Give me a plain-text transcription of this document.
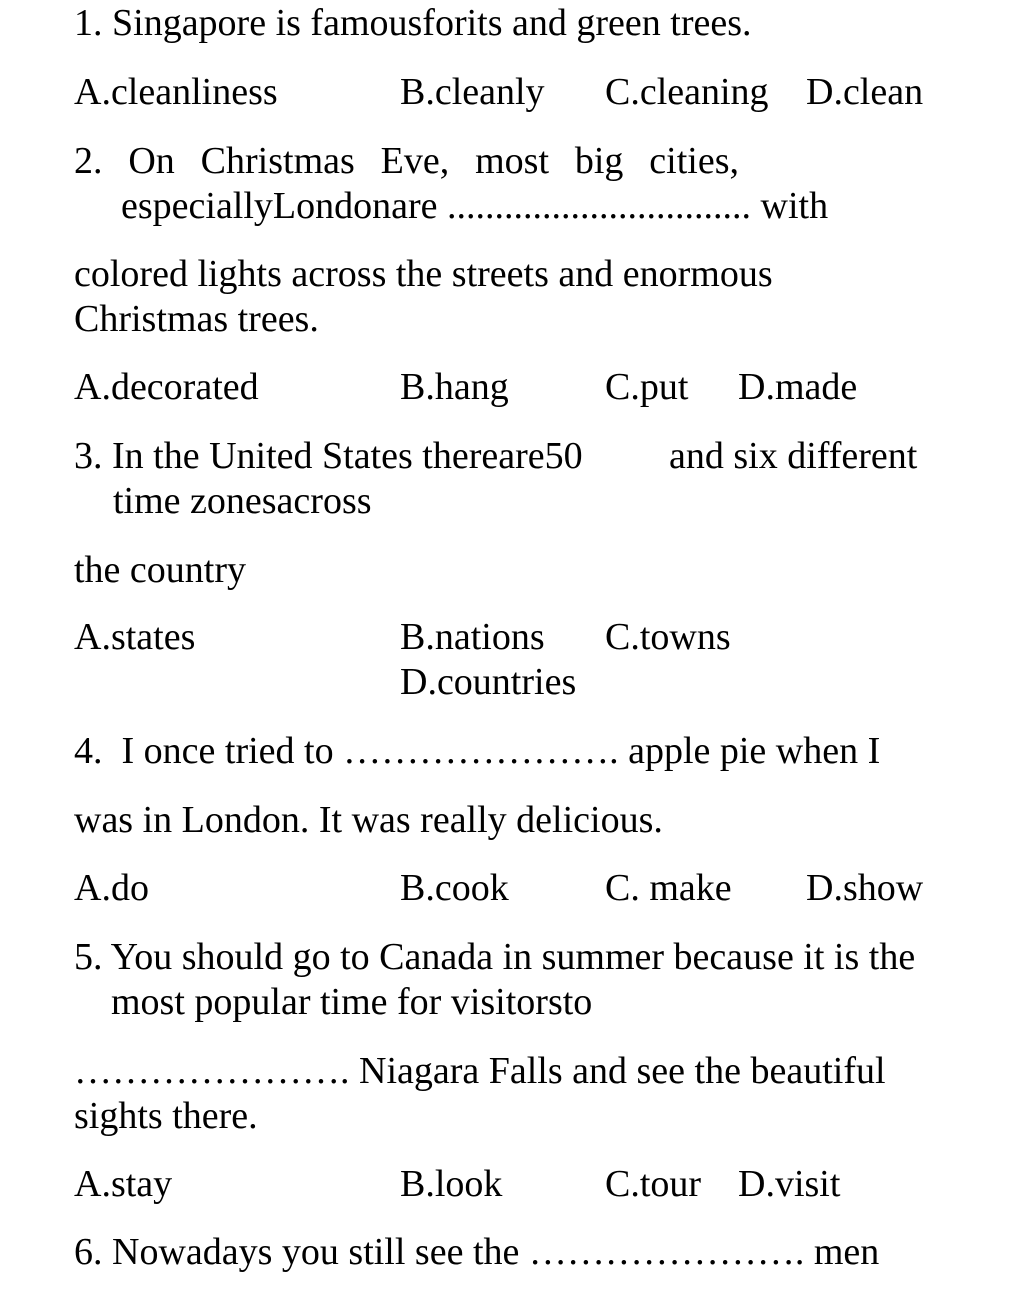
1. Singapore is famousforits and green trees.
A.cleanliness	B.cleanly C.cleaning D.clean
2. On Christmas Eve, most big cities,
especiallyLondonare ................................ with
colored lights across the streets and enormous
Christmas trees.
A.decorated	B.hang	C.put D.made
3. In the United States thereare50 and six different
time zonesacross
the country
A.states	B.nations C.towns
D.countries
4.  I once tried to …………………. apple pie when I
was in London. It was really delicious.
A.do	B.cook	C. make D.show
5. You should go to Canada in summer because it is the
most popular time for visitorsto
…………………. Niagara Falls and see the beautiful
sights there.
A.stay	B.look	C.tour D.visit
6. Nowadays you still see the …………………. men
